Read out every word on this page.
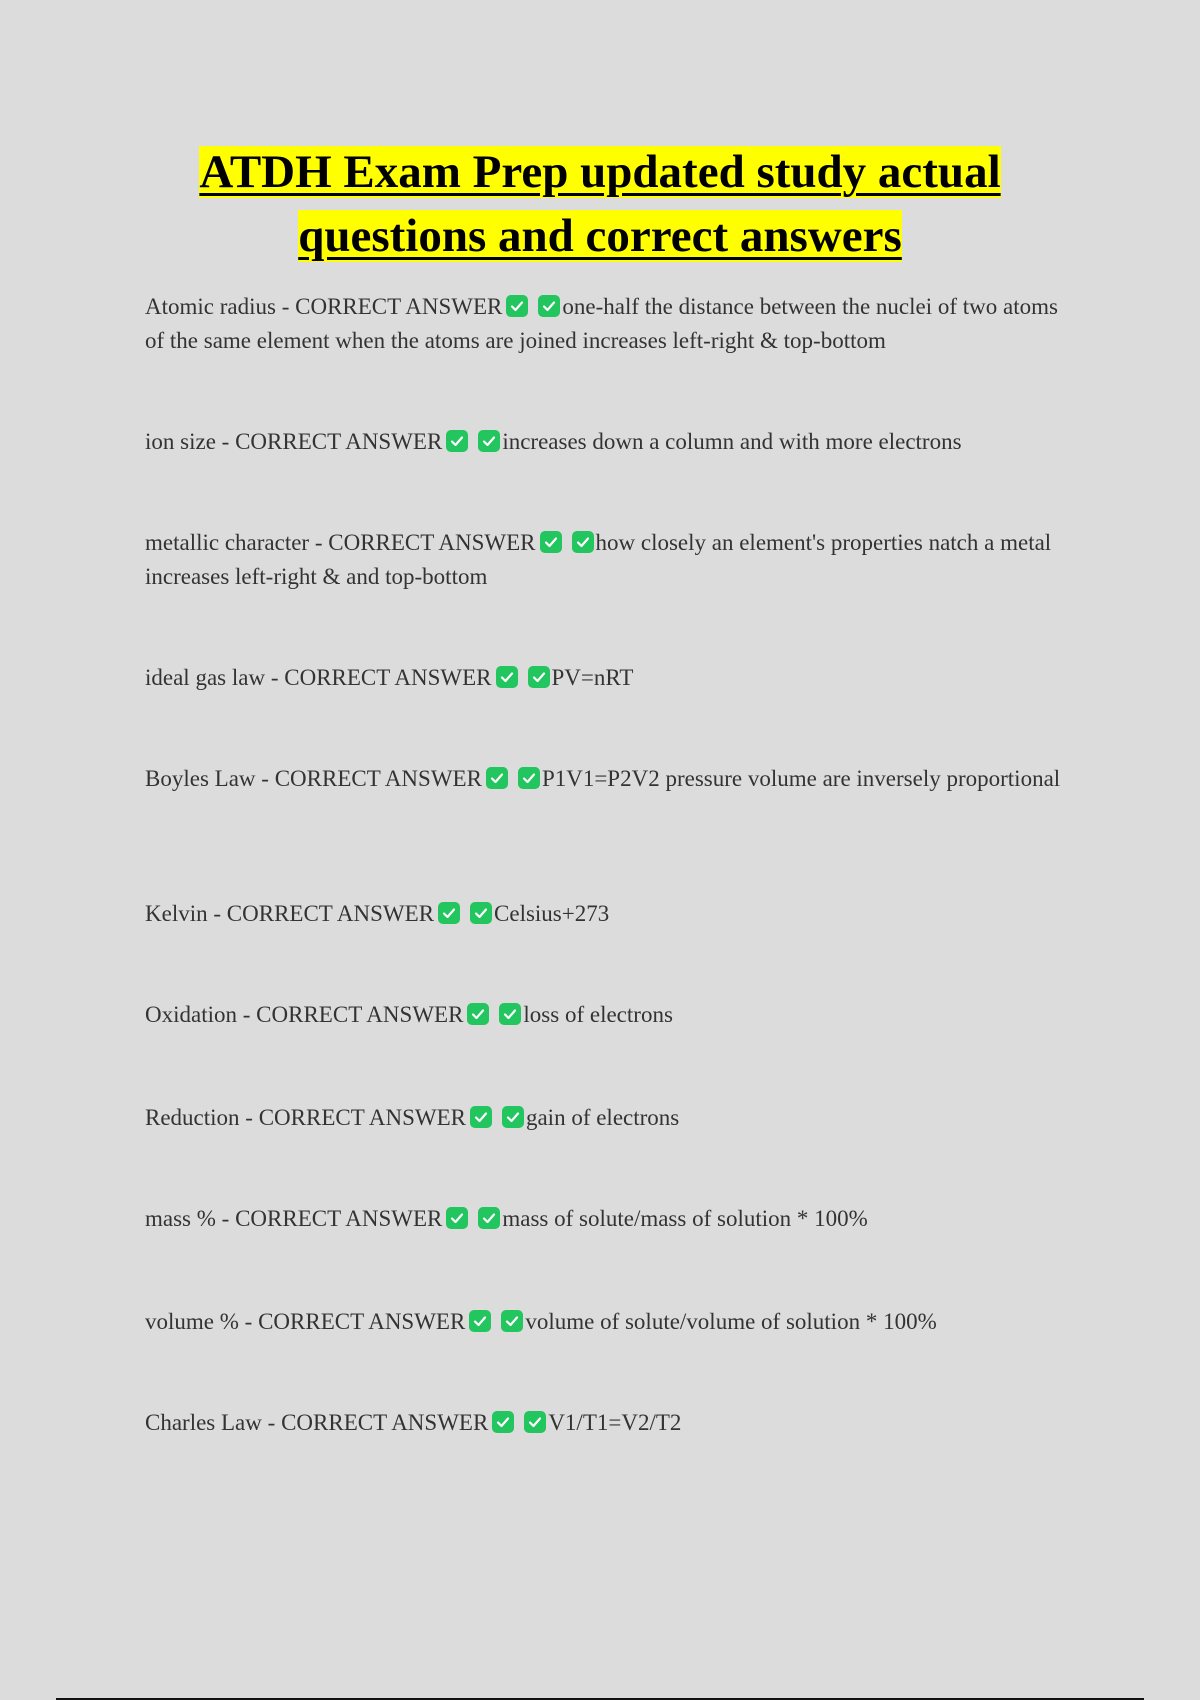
ATDH Exam Prep updated study actual
questions and correct answers
Atomic radius - CORRECT ANSWER	one-half the distance between the nuclei of two atoms of the same element when the atoms are joined increases left-right & top-bottom
ion size - CORRECT ANSWER	increases down a column and with more electrons
metallic character - CORRECT ANSWER	how closely an element's properties natch a metal increases left-right & and top-bottom
ideal gas law - CORRECT ANSWER	PV=nRT
Boyles Law - CORRECT ANSWER	P1V1=P2V2 pressure volume are inversely proportional
Kelvin - CORRECT ANSWER	Celsius+273
Oxidation - CORRECT ANSWER	loss of electrons
Reduction - CORRECT ANSWER	gain of electrons
mass % - CORRECT ANSWER	mass of solute/mass of solution * 100%
volume % - CORRECT ANSWER	volume of solute/volume of solution * 100%
Charles Law - CORRECT ANSWER	V1/T1=V2/T2
